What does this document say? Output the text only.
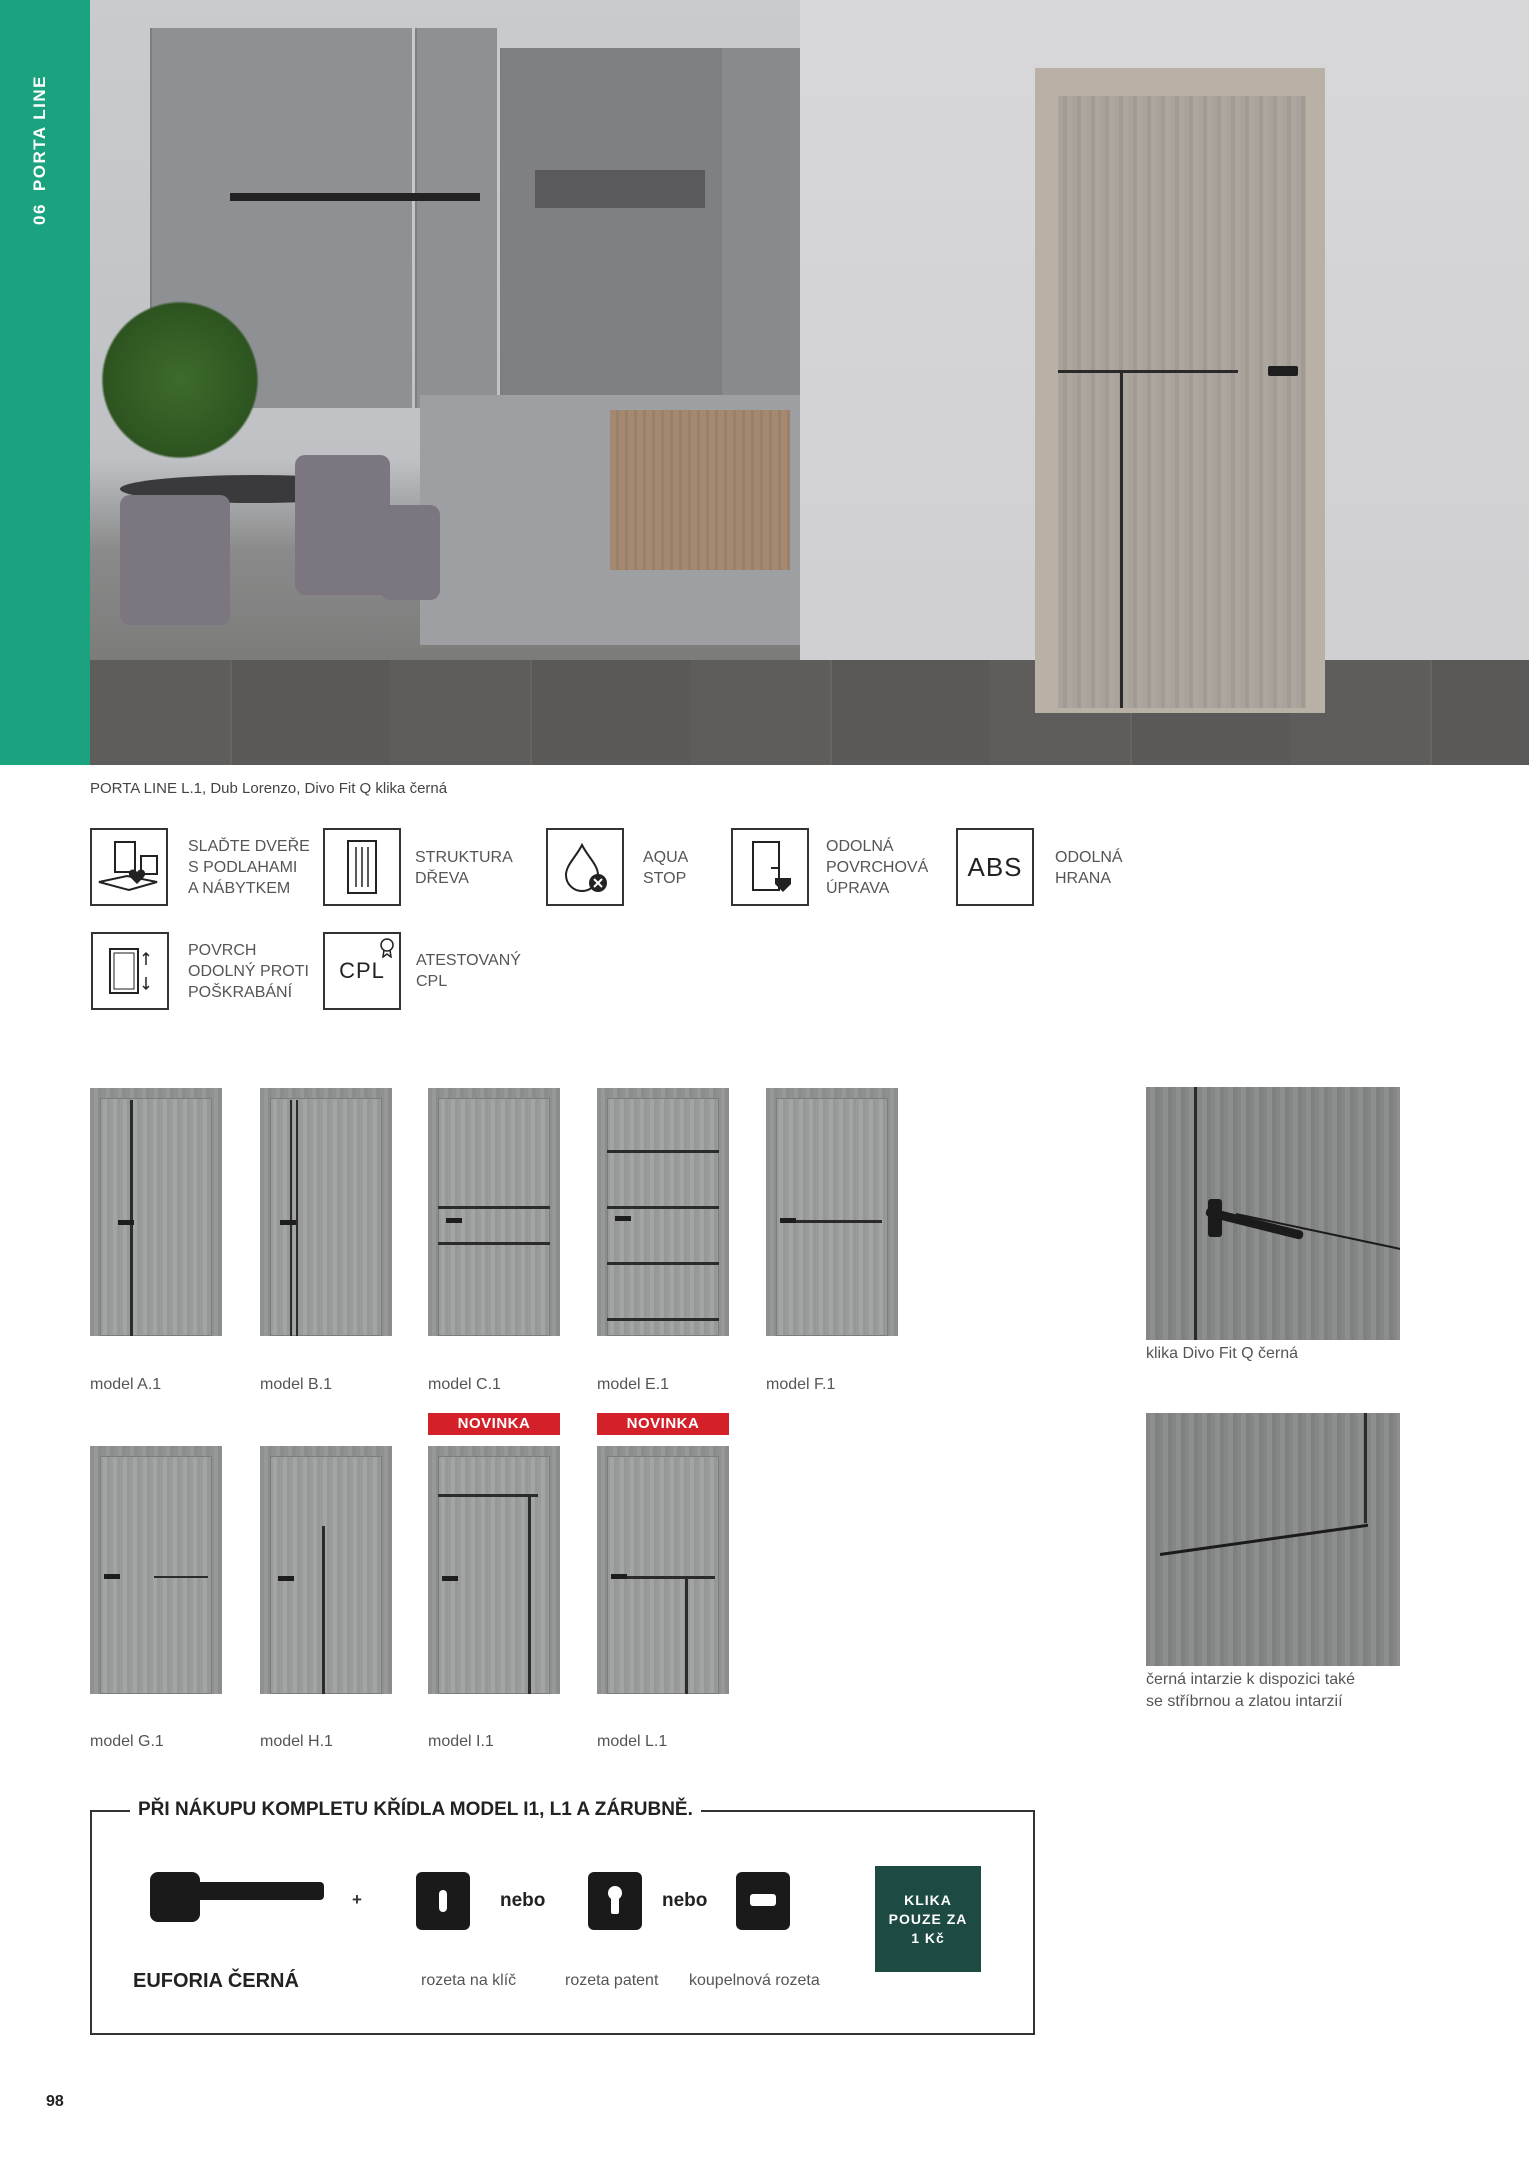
06PORTA LINE
PORTA LINE L.1, Dub Lorenzo, Divo Fit Q klika černá
SLAĎTE DVEŘE
S PODLAHAMI
A NÁBYTKEM
STRUKTURA
DŘEVA
AQUA
STOP
ODOLNÁ
POVRCHOVÁ
ÚPRAVA
ABS ODOLNÁ
HRANA
POVRCH
ODOLNÝ PROTI
POŠKRABÁNÍ
CPL ATESTOVANÝ
CPL
model A.1	model B.1	model C.1	model E.1	model F.1
NOVINKA	NOVINKA
model G.1	model H.1	model I.1	model L.1
klika Divo Fit Q černá
černá intarzie k dispozici také
se stříbrnou a zlatou intarzií
PŘI NÁKUPU KOMPLETU KŘÍDLA MODEL I1, L1 A ZÁRUBNĚ.
+	nebo	nebo	KLIKA
POUZE ZA
1 Kč
EUFORIA ČERNÁ	rozeta na klíč	rozeta patent koupelnová rozeta
98
